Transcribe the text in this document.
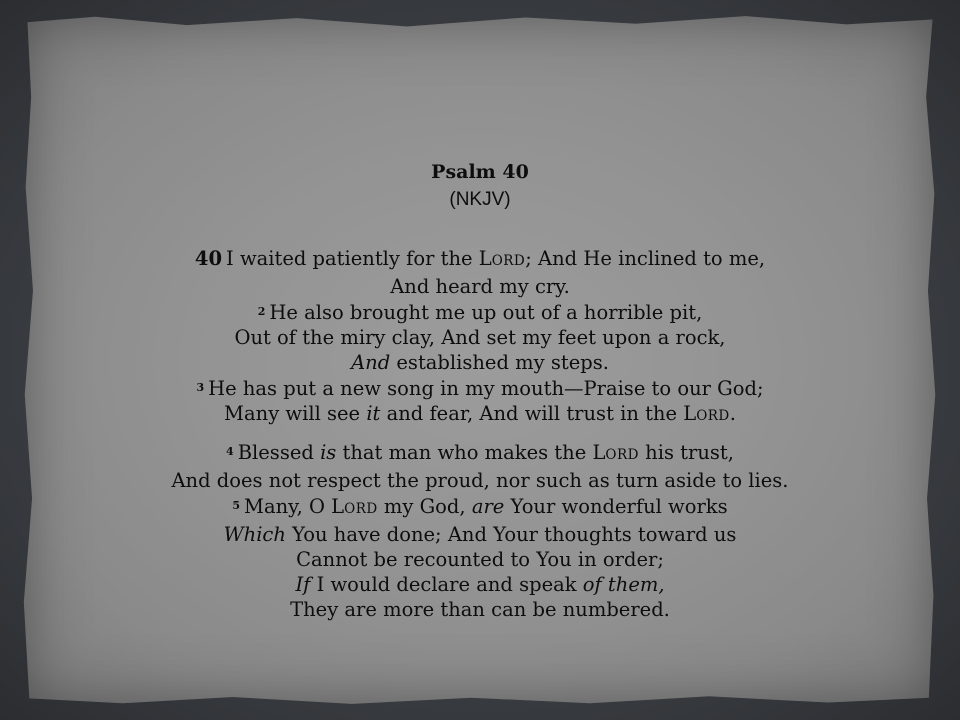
Psalm 40
(NKJV)
40 I waited patiently for the LORD; And He inclined to me,
And heard my cry.
$^2$ He also brought me up out of a horrible pit,
Out of the miry clay, And set my feet upon a rock,
And established my steps.
$^3$ He has put a new song in my mouth—Praise to our God;
Many will see it and fear, And will trust in the LORD.
$^4$ Blessed is that man who makes the LORD his trust,
And does not respect the proud, nor such as turn aside to lies.
$^5$ Many, O LORD my God, are Your wonderful works
Which You have done; And Your thoughts toward us
Cannot be recounted to You in order;
If I would declare and speak of them,
They are more than can be numbered.
